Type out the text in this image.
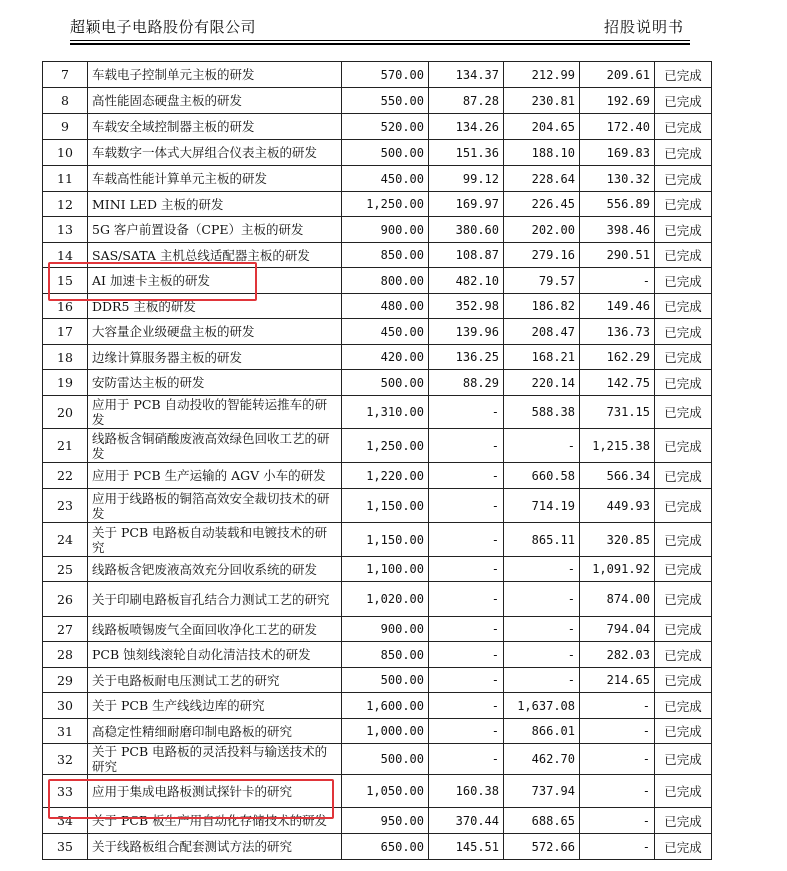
超颖电子电路股份有限公司	招股说明书
7	车载电子控制单元主板的研发	570.00	134.37	212.99	209.61	已完成
8	高性能固态硬盘主板的研发	550.00	87.28	230.81	192.69	已完成
9	车载安全域控制器主板的研发	520.00	134.26	204.65	172.40	已完成
10	车载数字一体式大屏组合仪表主板的研发	500.00	151.36	188.10	169.83	已完成
11	车载高性能计算单元主板的研发	450.00	99.12	228.64	130.32	已完成
12	MINI LED 主板的研发	1,250.00	169.97	226.45	556.89	已完成
13	5G 客户前置设备（CPE）主板的研发	900.00	380.60	202.00	398.46	已完成
14	SAS/SATA 主机总线适配器主板的研发	850.00	108.87	279.16	290.51	已完成
15	AI 加速卡主板的研发	800.00	482.10	79.57	-	已完成
16	DDR5 主板的研发	480.00	352.98	186.82	149.46	已完成
17	大容量企业级硬盘主板的研发	450.00	139.96	208.47	136.73	已完成
18	边缘计算服务器主板的研发	420.00	136.25	168.21	162.29	已完成
19	安防雷达主板的研发	500.00	88.29	220.14	142.75	已完成
20	应用于 PCB 自动投收的智能转运推车的研发	1,310.00	-	588.38	731.15	已完成
21	线路板含铜硝酸废液高效绿色回收工艺的研发	1,250.00	-	-	1,215.38	已完成
22	应用于 PCB 生产运输的 AGV 小车的研发	1,220.00	-	660.58	566.34	已完成
23	应用于线路板的铜箔高效安全裁切技术的研发	1,150.00	-	714.19	449.93	已完成
24	关于 PCB 电路板自动装载和电镀技术的研究	1,150.00	-	865.11	320.85	已完成
25	线路板含钯废液高效充分回收系统的研发	1,100.00	-	-	1,091.92	已完成
26	关于印刷电路板盲孔结合力测试工艺的研究	1,020.00	-	-	874.00	已完成
27	线路板喷锡废气全面回收净化工艺的研发	900.00	-	-	794.04	已完成
28	PCB 蚀刻线滚轮自动化清洁技术的研发	850.00	-	-	282.03	已完成
29	关于电路板耐电压测试工艺的研究	500.00	-	-	214.65	已完成
30	关于 PCB 生产线线边库的研究	1,600.00	-	1,637.08	-	已完成
31	高稳定性精细耐磨印制电路板的研究	1,000.00	-	866.01	-	已完成
32	关于 PCB 电路板的灵活投料与输送技术的研究	500.00	-	462.70	-	已完成
33	应用于集成电路板测试探针卡的研究	1,050.00	160.38	737.94	-	已完成
34	关于 PCB 板生产用自动化存储技术的研发	950.00	370.44	688.65	-	已完成
35	关于线路板组合配套测试方法的研究	650.00	145.51	572.66	-	已完成
